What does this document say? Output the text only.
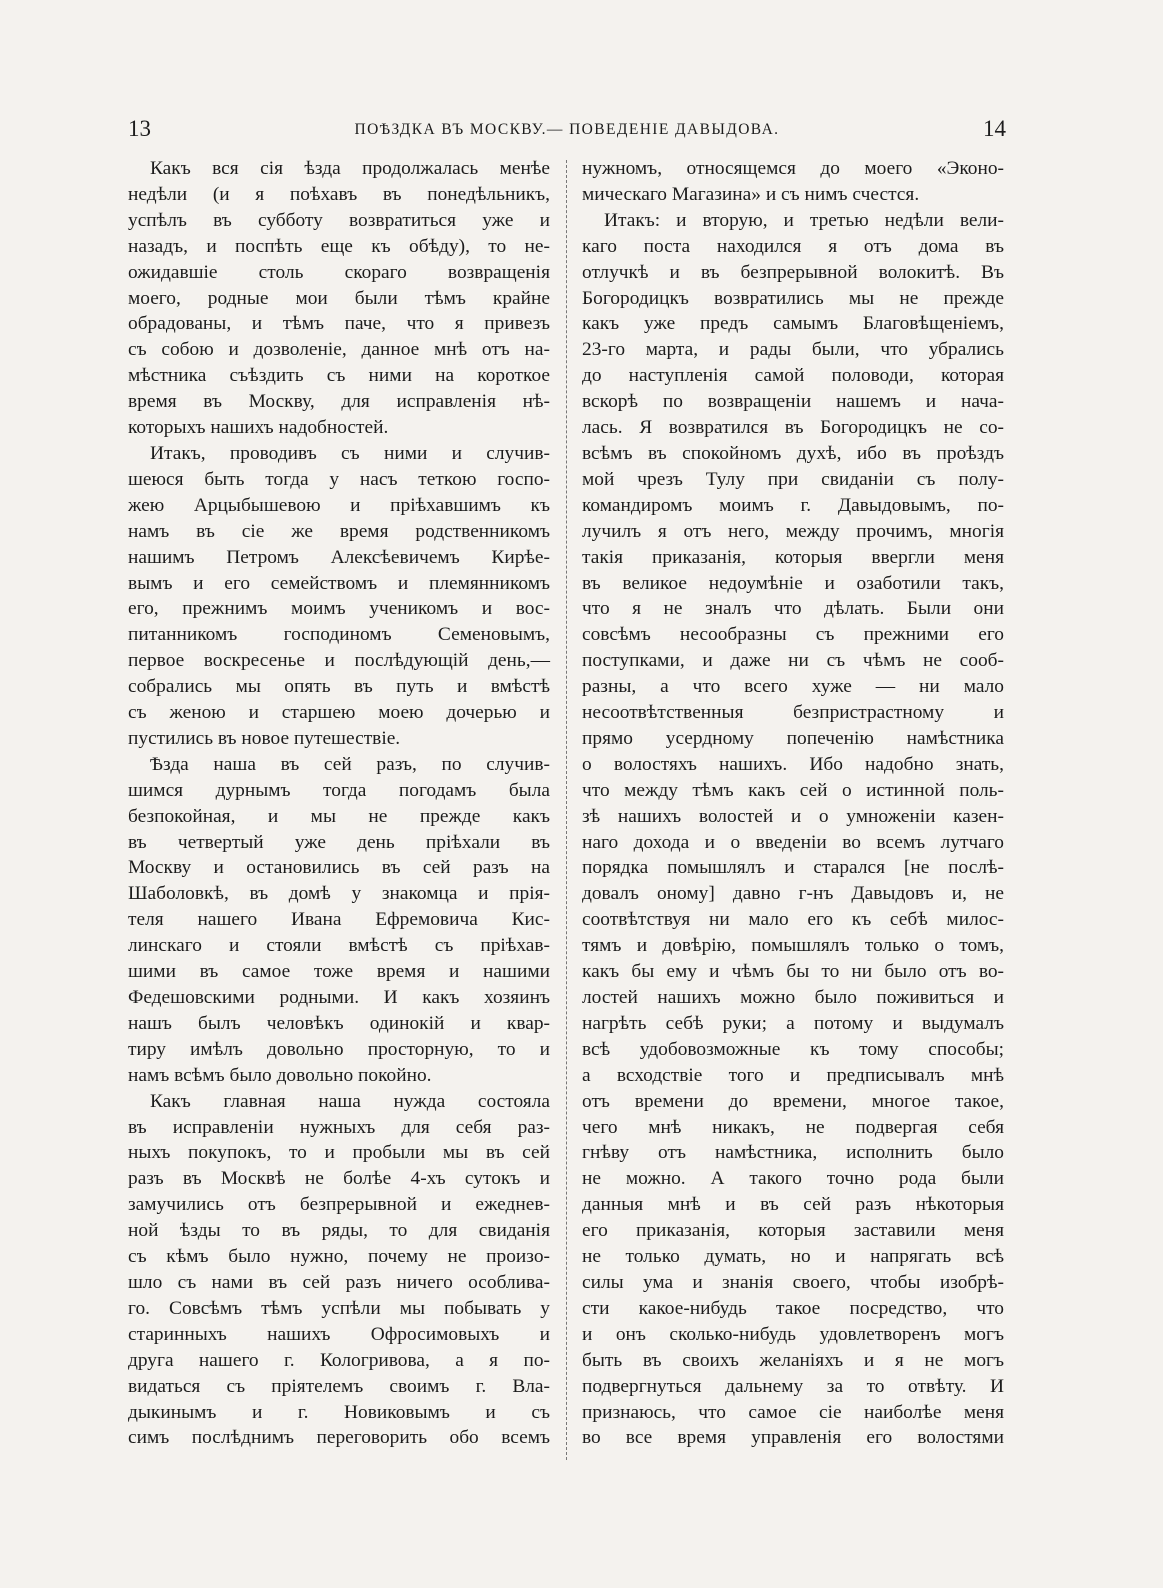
13	ПОѢЗДКА ВЪ МОСКВУ.— ПОВЕДЕНІЕ ДАВЫДОВА.	14

Какъ вся сія ѣзда продолжалась менѣе

недѣли (и я поѣхавъ въ понедѣльникъ,

успѣлъ въ субботу возвратиться уже и

назадъ, и поспѣть еще къ обѣду), то не-

ожидавшіе столь скораго возвращенія

моего, родные мои были тѣмъ крайне

обрадованы, и тѣмъ паче, что я привезъ

съ собою и дозволеніе, данное мнѣ отъ на-

мѣстника съѣздить съ ними на короткое

время въ Москву, для исправленія нѣ-

которыхъ нашихъ надобностей.

Итакъ, проводивъ съ ними и случив-

шеюся быть тогда у насъ теткою госпо-

жею Арцыбышевою и пріѣхавшимъ къ

намъ въ сіе же время родственникомъ

нашимъ Петромъ Алексѣевичемъ Кирѣе-

вымъ и его семействомъ и племянникомъ

его, прежнимъ моимъ ученикомъ и вос-

питанникомъ господиномъ Семеновымъ,

первое воскресенье и послѣдующій день,—

собрались мы опять въ путь и вмѣстѣ

съ женою и старшею моею дочерью и

пустились въ новое путешествіе.

Ѣзда наша въ сей разъ, по случив-

шимся дурнымъ тогда погодамъ была

безпокойная, и мы не прежде какъ

въ четвертый уже день пріѣхали въ

Москву и остановились въ сей разъ на

Шаболовкѣ, въ домѣ у знакомца и прія-

теля нашего Ивана Ефремовича Кис-

линскаго и стояли вмѣстѣ съ пріѣхав-

шими въ самое тоже время и нашими

Федешовскими родными. И какъ хозяинъ

нашъ былъ человѣкъ одинокій и квар-

тиру имѣлъ довольно просторную, то и

намъ всѣмъ было довольно покойно.

Какъ главная наша нужда состояла

въ исправленіи нужныхъ для себя раз-

ныхъ покупокъ, то и пробыли мы въ сей

разъ въ Москвѣ не болѣе 4-хъ сутокъ и

замучились отъ безпрерывной и ежеднев-

ной ѣзды то въ ряды, то для свиданія

съ кѣмъ было нужно, почему не произо-

шло съ нами въ сей разъ ничего особлива-

го. Совсѣмъ тѣмъ успѣли мы побывать у

старинныхъ нашихъ Офросимовыхъ и

друга нашего г. Кологривова, а я по-

видаться съ пріятелемъ своимъ г. Вла-

дыкинымъ и г. Новиковымъ и съ

симъ послѣднимъ переговорить обо всемъ

нужномъ, относящемся до моего «Эконо-

мическаго Магазина» и съ нимъ счестся.

Итакъ: и вторую, и третью недѣли вели-

каго поста находился я отъ дома въ

отлучкѣ и въ безпрерывной волокитѣ. Въ

Богородицкъ возвратились мы не прежде

какъ уже предъ самымъ Благовѣщеніемъ,

23-го марта, и рады были, что убрались

до наступленія самой половоди, которая

вскорѣ по возвращеніи нашемъ и нача-

лась. Я возвратился въ Богородицкъ не со-

всѣмъ въ спокойномъ духѣ, ибо въ проѣздъ

мой чрезъ Тулу при свиданіи съ полу-

командиромъ моимъ г. Давыдовымъ, по-

лучилъ я отъ него, между прочимъ, многія

такія приказанія, которыя ввергли меня

въ великое недоумѣніе и озаботили такъ,

что я не зналъ что дѣлать. Были они

совсѣмъ несообразны съ прежними его

поступками, и даже ни съ чѣмъ не сооб-

разны, а что всего хуже — ни мало

несоотвѣтственныя безпристрастному и

прямо усердному попеченію намѣстника

о волостяхъ нашихъ. Ибо надобно знать,

что между тѣмъ какъ сей о истинной поль-

зѣ нашихъ волостей и о умноженіи казен-

наго дохода и о введеніи во всемъ лутчаго

порядка помышлялъ и старался [не послѣ-

довалъ оному] давно г-нъ Давыдовъ и, не

соотвѣтствуя ни мало его къ себѣ милос-

тямъ и довѣрію, помышлялъ только о томъ,

какъ бы ему и чѣмъ бы то ни было отъ во-

лостей нашихъ можно было поживиться и

нагрѣть себѣ руки; а потому и выдумалъ

всѣ удобовозможные къ тому способы;

а всходствіе того и предписывалъ мнѣ

отъ времени до времени, многое такое,

чего мнѣ никакъ, не подвергая себя

гнѣву отъ намѣстника, исполнить было

не можно. А такого точно рода были

данныя мнѣ и въ сей разъ нѣкоторыя

его приказанія, которыя заставили меня

не только думать, но и напрягать всѣ

силы ума и знанія своего, чтобы изобрѣ-

сти какое-нибудь такое посредство, что

и онъ сколько-нибудь удовлетворенъ могъ

быть въ своихъ желаніяхъ и я не могъ

подвергнуться дальнему за то отвѣту. И

признаюсь, что самое сіе наиболѣе меня

во все время управленія его волостями
